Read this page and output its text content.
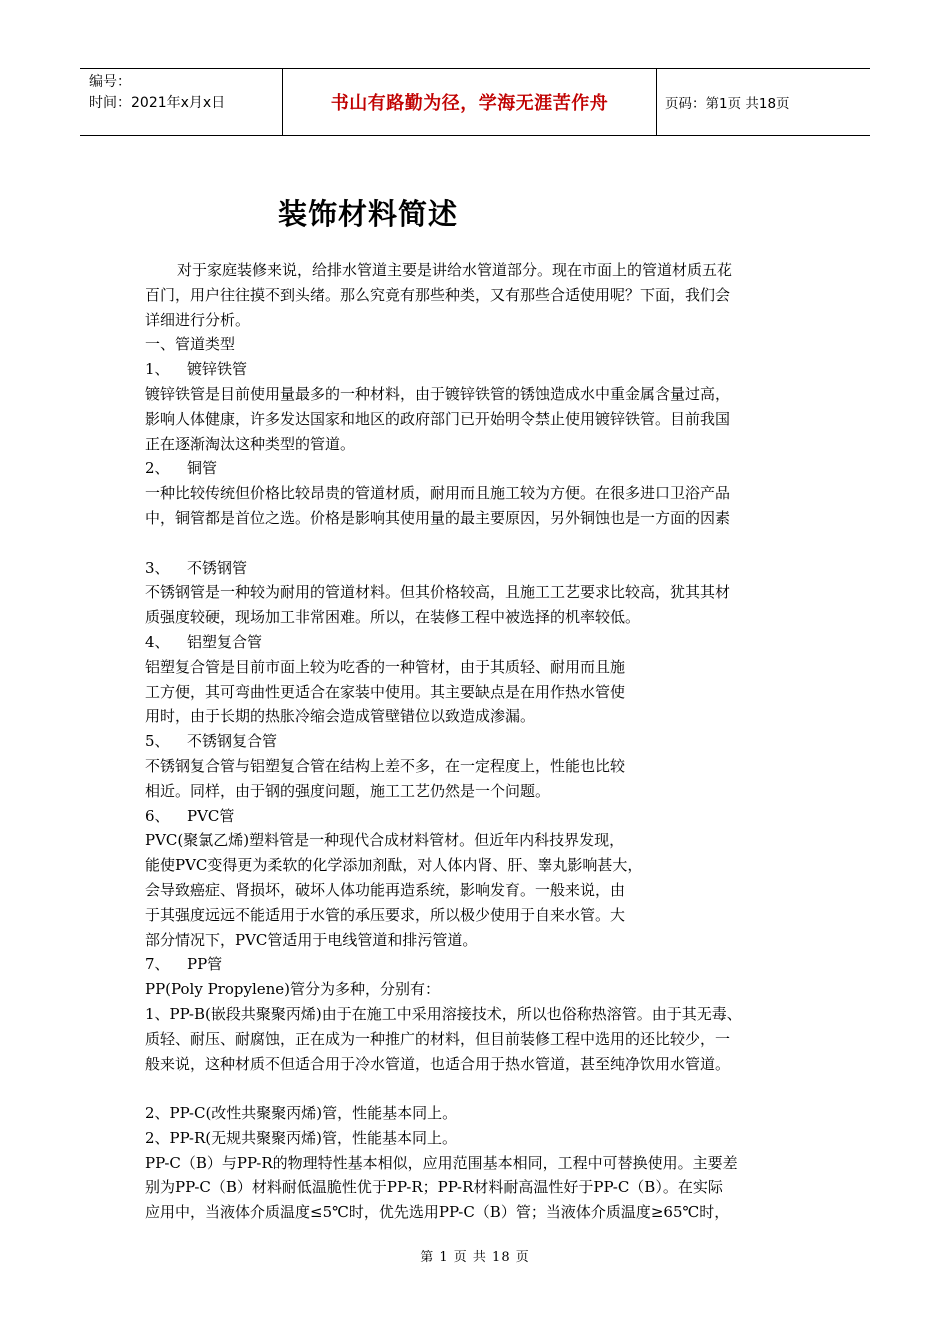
编号：
时间：2021年x月x日	书山有路勤为径，学海无涯苦作舟	页码：第1页 共18页
装饰材料简述
对于家庭装修来说，给排水管道主要是讲给水管道部分。现在市面上的管道材质五花
百门，用户往往摸不到头绪。那么究竟有那些种类，又有那些合适使用呢？下面，我们会
详细进行分析。
一、管道类型
1、 镀锌铁管
镀锌铁管是目前使用量最多的一种材料，由于镀锌铁管的锈蚀造成水中重金属含量过高，
影响人体健康，许多发达国家和地区的政府部门已开始明令禁止使用镀锌铁管。目前我国
正在逐渐淘汰这种类型的管道。
2、 铜管
一种比较传统但价格比较昂贵的管道材质，耐用而且施工较为方便。在很多进口卫浴产品
中，铜管都是首位之选。价格是影响其使用量的最主要原因，另外铜蚀也是一方面的因素
3、 不锈钢管
不锈钢管是一种较为耐用的管道材料。但其价格较高，且施工工艺要求比较高，犹其其材
质强度较硬，现场加工非常困难。所以，在装修工程中被选择的机率较低。
4、 铝塑复合管
铝塑复合管是目前市面上较为吃香的一种管材，由于其质轻、耐用而且施
工方便，其可弯曲性更适合在家装中使用。其主要缺点是在用作热水管使
用时，由于长期的热胀冷缩会造成管壁错位以致造成渗漏。
5、 不锈钢复合管
不锈钢复合管与铝塑复合管在结构上差不多，在一定程度上，性能也比较
相近。同样，由于钢的强度问题，施工工艺仍然是一个问题。
6、 PVC管
PVC(聚氯乙烯)塑料管是一种现代合成材料管材。但近年内科技界发现，
能使PVC变得更为柔软的化学添加剂酞，对人体内肾、肝、睾丸影响甚大，
会导致癌症、肾损坏，破坏人体功能再造系统，影响发育。一般来说，由
于其强度远远不能适用于水管的承压要求，所以极少使用于自来水管。大
部分情况下，PVC管适用于电线管道和排污管道。
7、 PP管
PP(Poly Propylene)管分为多种，分别有：
1、PP-B(嵌段共聚聚丙烯)由于在施工中采用溶接技术，所以也俗称热溶管。由于其无毒、
质轻、耐压、耐腐蚀，正在成为一种推广的材料，但目前装修工程中选用的还比较少，一
般来说，这种材质不但适合用于冷水管道，也适合用于热水管道，甚至纯净饮用水管道。
2、PP-C(改性共聚聚丙烯)管，性能基本同上。
2、PP-R(无规共聚聚丙烯)管，性能基本同上。
PP-C（B）与PP-R的物理特性基本相似，应用范围基本相同，工程中可替换使用。主要差
别为PP-C（B）材料耐低温脆性优于PP-R；PP-R材料耐高温性好于PP-C（B）。在实际
应用中，当液体介质温度≤5℃时，优先选用PP-C（B）管；当液体介质温度≥65℃时，
第 1 页 共 18 页
